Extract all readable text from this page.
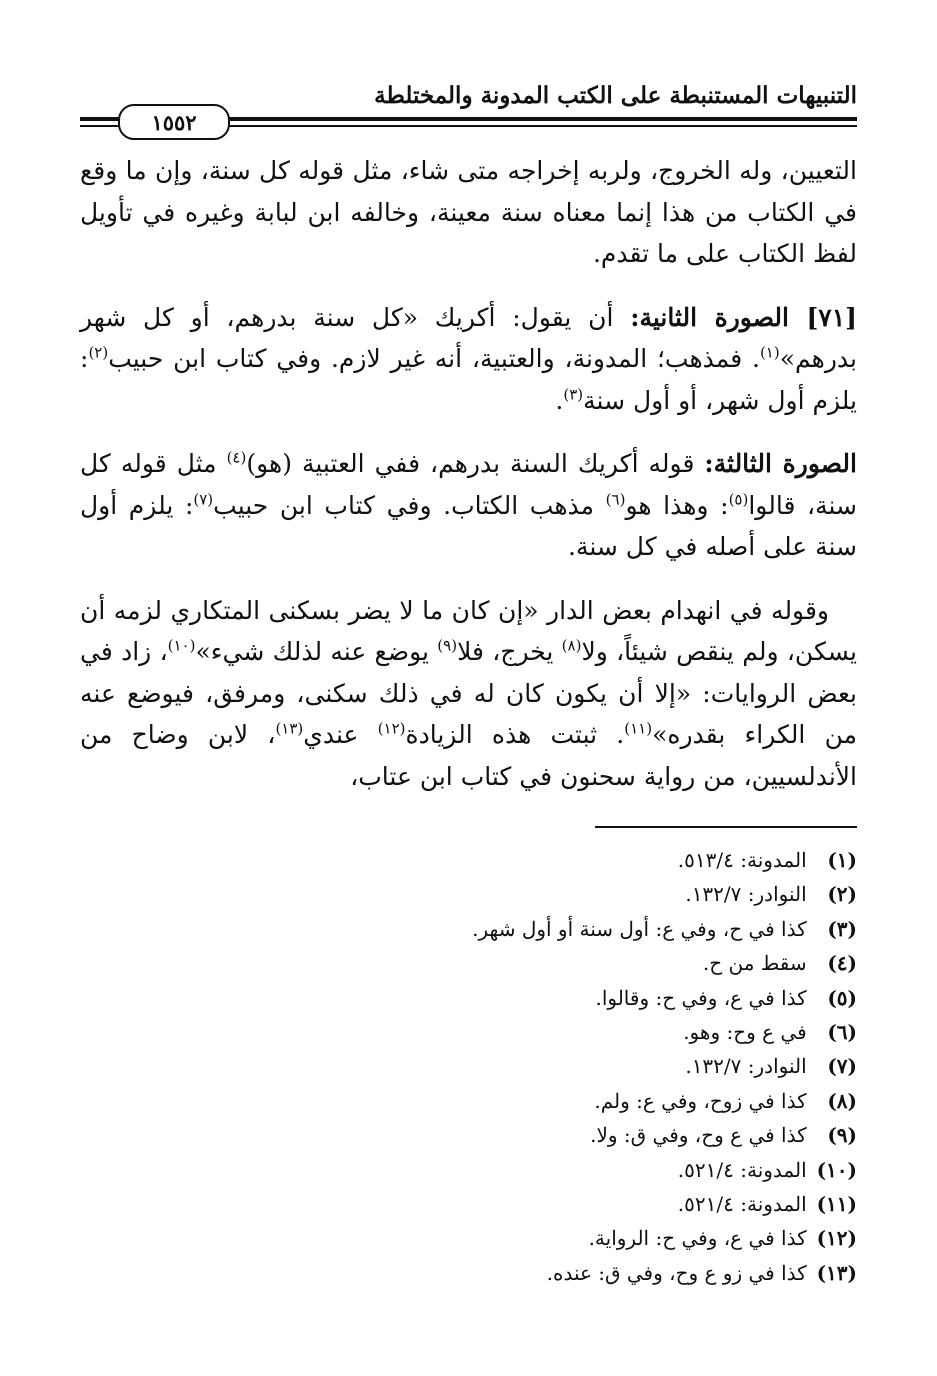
التنبيهات المستنبطة على الكتب المدونة والمختلطة
١٥٥٢

التعيين، وله الخروج، ولربه إخراجه متى شاء، مثل قوله كل سنة، وإن ما وقع في الكتاب من هذا إنما معناه سنة معينة، وخالفه ابن لبابة وغيره في تأويل لفظ الكتاب على ما تقدم.

[٧١] الصورة الثانية: أن يقول: أكريك «كل سنة بدرهم، أو كل شهر بدرهم»$^{(١)}$. فمذهب؛ المدونة، والعتبية، أنه غير لازم. وفي كتاب ابن حبيب$^{(٢)}$: يلزم أول شهر، أو أول سنة$^{(٣)}$.

الصورة الثالثة: قوله أكريك السنة بدرهم، ففي العتبية (هو)$^{(٤)}$ مثل قوله كل سنة، قالوا$^{(٥)}$: وهذا هو$^{(٦)}$ مذهب الكتاب. وفي كتاب ابن حبيب$^{(٧)}$: يلزم أول سنة على أصله في كل سنة.

وقوله في انهدام بعض الدار «إن كان ما لا يضر بسكنى المتكاري لزمه أن يسكن، ولم ينقص شيئاً، ولا$^{(٨)}$ يخرج، فلا$^{(٩)}$ يوضع عنه لذلك شيء»$^{(١٠)}$، زاد في بعض الروايات: «إلا أن يكون كان له في ذلك سكنى، ومرفق، فيوضع عنه من الكراء بقدره»$^{(١١)}$. ثبتت هذه الزيادة$^{(١٢)}$ عندي$^{(١٣)}$، لابن وضاح من الأندلسيين، من رواية سحنون في كتاب ابن عتاب،

(١) المدونة: ٥١٣/٤.
(٢) النوادر: ١٣٢/٧.
(٣) كذا في ح، وفي ع: أول سنة أو أول شهر.
(٤) سقط من ح.
(٥) كذا في ع، وفي ح: وقالوا.
(٦) في ع وح: وهو.
(٧) النوادر: ١٣٢/٧.
(٨) كذا في زوح، وفي ع: ولم.
(٩) كذا في ع وح، وفي ق: ولا.
(١٠) المدونة: ٥٢١/٤.
(١١) المدونة: ٥٢١/٤.
(١٢) كذا في ع، وفي ح: الرواية.
(١٣) كذا في زو ع وح، وفي ق: عنده.
